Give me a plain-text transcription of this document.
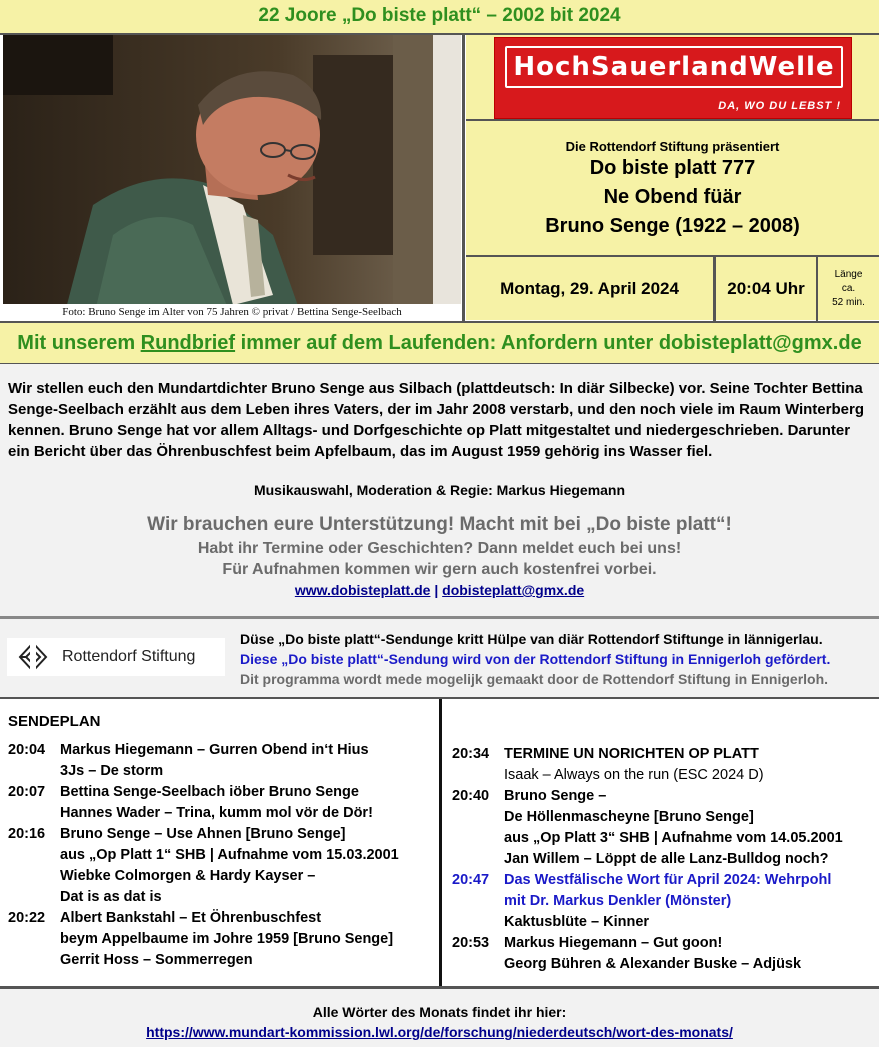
22 Joore „Do biste platt“ – 2002 bit 2024
Foto: Bruno Senge im Alter von 75 Jahren © privat / Bettina Senge-Seelbach
HochSauerlandWelle
DA, WO DU LEBST !
Die Rottendorf Stiftung präsentiert
Do biste platt 777
Ne Obend füär
Bruno Senge (1922 – 2008)
Montag, 29. April 2024	20:04 Uhr
Länge
ca.
52 min.
Mit unserem Rundbrief immer auf dem Laufenden: Anfordern unter dobisteplatt@gmx.de
Wir stellen euch den Mundartdichter Bruno Senge aus Silbach (plattdeutsch: In diär Silbecke) vor. Seine Tochter Bettina Senge-Seelbach erzählt aus dem Leben ihres Vaters, der im Jahr 2008 verstarb, und den noch viele im Raum Winterberg kennen. Bruno Senge hat vor allem Alltags- und Dorfgeschichte op Platt mitgestaltet und niedergeschrieben. Darunter ein Bericht über das Öhrenbuschfest beim Apfelbaum, das im August 1959 gehörig ins Wasser fiel.
Musikauswahl, Moderation & Regie: Markus Hiegemann
Wir brauchen eure Unterstützung! Macht mit bei „Do biste platt“!
Habt ihr Termine oder Geschichten? Dann meldet euch bei uns!
Für Aufnahmen kommen wir gern auch kostenfrei vorbei.
www.dobisteplatt.de | dobisteplatt@gmx.de
Rottendorf Stiftung
Düse „Do biste platt“-Sendunge kritt Hülpe van diär Rottendorf Stiftunge in lännigerlau.
Diese „Do biste platt“-Sendung wird von der Rottendorf Stiftung in Ennigerloh gefördert.
Dit programma wordt mede mogelijk gemaakt door de Rottendorf Stiftung in Ennigerloh.
SENDEPLAN
20:04	Markus Hiegemann – Gurren Obend in‘t Hius
3Js – De storm
20:07	Bettina Senge-Seelbach iöber Bruno Senge
Hannes Wader – Trina, kumm mol vör de Dör!
20:16	Bruno Senge – Use Ahnen [Bruno Senge]
aus „Op Platt 1“ SHB | Aufnahme vom 15.03.2001
Wiebke Colmorgen & Hardy Kayser –
Dat is as dat is
20:22	Albert Bankstahl – Et Öhrenbuschfest
beym Appelbaume im Johre 1959 [Bruno Senge]
Gerrit Hoss – Sommerregen
20:34	TERMINE UN NORICHTEN OP PLATT
Isaak – Always on the run (ESC 2024 D)
20:40	Bruno Senge –
De Höllenmascheyne [Bruno Senge]
aus „Op Platt 3“ SHB | Aufnahme vom 14.05.2001
Jan Willem – Löppt de alle Lanz-Bulldog noch?
20:47	Das Westfälische Wort für April 2024: Wehrpohl
mit Dr. Markus Denkler (Mönster)
Kaktusblüte – Kinner
20:53	Markus Hiegemann – Gut goon!
Georg Bühren & Alexander Buske – Adjüsk
Alle Wörter des Monats findet ihr hier:
https://www.mundart-kommission.lwl.org/de/forschung/niederdeutsch/wort-des-monats/
